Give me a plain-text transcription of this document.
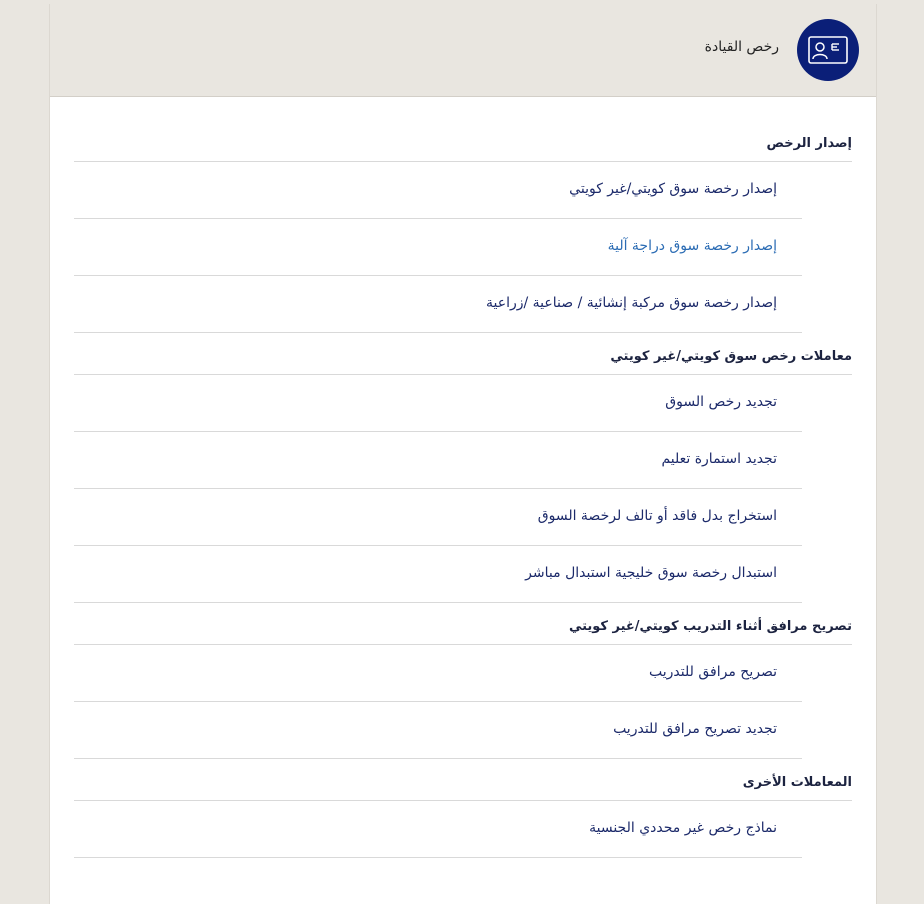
رخص القيادة
إصدار الرخص
إصدار رخصة سوق كويتي/غير كويتي
إصدار رخصة سوق دراجة آلية
إصدار رخصة سوق مركبة إنشائية / صناعية /زراعية
معاملات رخص سوق كويتي/غير كويتي
تجديد رخص السوق
تجديد استمارة تعليم
استخراج بدل فاقد أو تالف لرخصة السوق
استبدال رخصة سوق خليجية استبدال مباشر
تصريح مرافق أثناء التدريب كويتي/غير كويتي
تصريح مرافق للتدريب
تجديد تصريح مرافق للتدريب
المعاملات الأخرى
نماذج رخص غير محددي الجنسية
